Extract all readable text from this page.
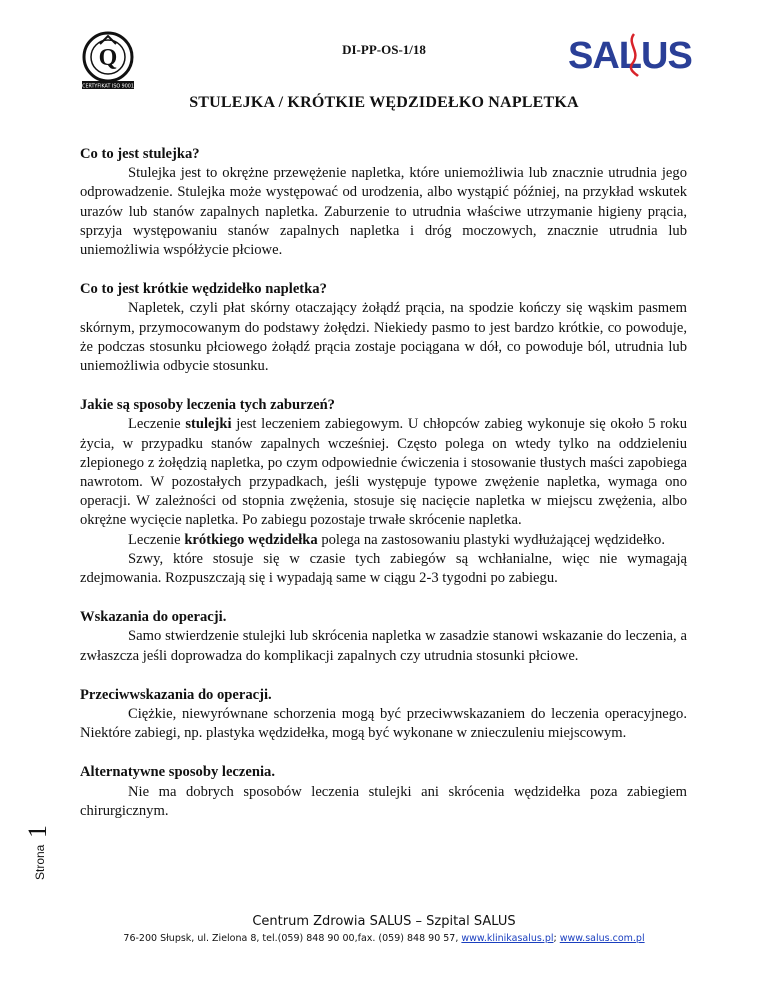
Q
CERTYFIKAT ISO 9001
DI-PP-OS-1/18	SALUS
STULEJKA / KRÓTKIE WĘDZIDEŁKO NAPLETKA
Co to jest stulejka?
Stulejka jest to okrężne przewężenie napletka, które uniemożliwia lub znacznie utrudnia jego odprowadzenie. Stulejka może występować od urodzenia, albo wystąpić później, na przykład wskutek urazów lub stanów zapalnych napletka. Zaburzenie to utrudnia właściwe utrzymanie higieny prącia, sprzyja występowaniu stanów zapalnych napletka i dróg moczowych, znacznie utrudnia lub uniemożliwia współżycie płciowe.
Co to jest krótkie wędzidełko napletka?
Napletek, czyli płat skórny otaczający żołądź prącia, na spodzie kończy się wąskim pasmem skórnym, przymocowanym do podstawy żołędzi. Niekiedy pasmo to jest bardzo krótkie, co powoduje, że podczas stosunku płciowego żołądź prącia zostaje pociągana w dół, co powoduje ból, utrudnia lub uniemożliwia odbycie stosunku.
Jakie są sposoby leczenia tych zaburzeń?
Leczenie stulejki jest leczeniem zabiegowym. U chłopców zabieg wykonuje się około 5 roku życia, w przypadku stanów zapalnych wcześniej. Często polega on wtedy tylko na oddzieleniu zlepionego z żołędzią napletka, po czym odpowiednie ćwiczenia i stosowanie tłustych maści zapobiega nawrotom. W pozostałych przypadkach, jeśli występuje typowe zwężenie napletka, wymaga ono operacji. W zależności od stopnia zwężenia, stosuje się nacięcie napletka w miejscu zwężenia, albo okrężne wycięcie napletka. Po zabiegu pozostaje trwałe skrócenie napletka.
Leczenie krótkiego wędzidełka polega na zastosowaniu plastyki wydłużającej wędzidełko.
Szwy, które stosuje się w czasie tych zabiegów są wchłanialne, więc nie wymagają zdejmowania. Rozpuszczają się i wypadają same w ciągu 2-3 tygodni po zabiegu.
Wskazania do operacji.
Samo stwierdzenie stulejki lub skrócenia napletka w zasadzie stanowi wskazanie do leczenia, a zwłaszcza jeśli doprowadza do komplikacji zapalnych czy utrudnia stosunki płciowe.
Przeciwwskazania do operacji.
Ciężkie, niewyrównane schorzenia mogą być przeciwwskazaniem do leczenia operacyjnego. Niektóre zabiegi, np. plastyka wędzidełka, mogą być wykonane w znieczuleniu miejscowym.
Alternatywne sposoby leczenia.
Nie ma dobrych sposobów leczenia stulejki ani skrócenia wędzidełka poza zabiegiem chirurgicznym.
Strona
1
Centrum Zdrowia SALUS – Szpital SALUS
76-200 Słupsk, ul. Zielona 8, tel.(059) 848 90 00,fax. (059) 848 90 57, www.klinikasalus.pl; www.salus.com.pl
